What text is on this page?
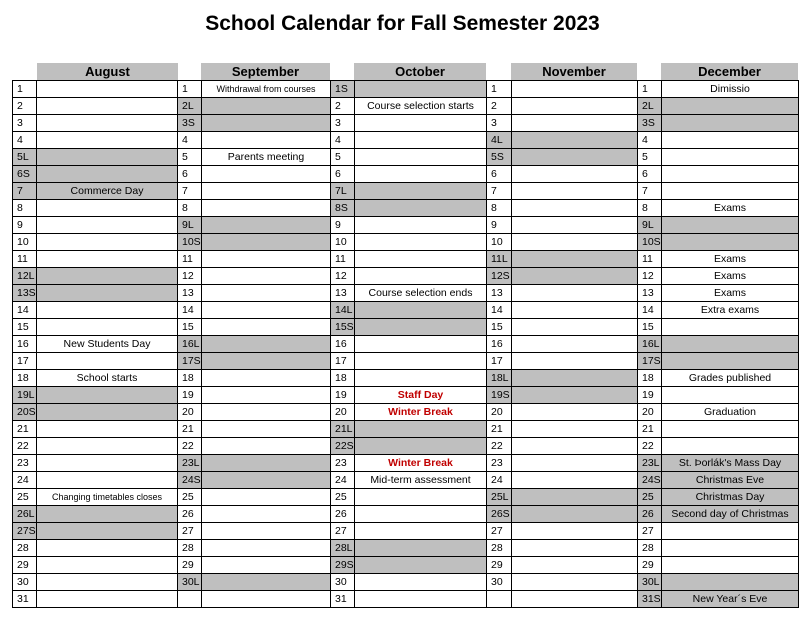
School Calendar for Fall Semester 2023
August	September	October	November	December
1		1	Withdrawal from courses	1S		1		1	Dimissio
2		2L		2	Course selection starts	2		2L	
3		3S		3		3		3S	
4		4		4		4L		4	
5L		5	Parents meeting	5		5S		5	
6S		6		6		6		6	
7	Commerce Day	7		7L		7		7	
8		8		8S		8		8	Exams
9		9L		9		9		9L	
10		10S		10		10		10S	
11		11		11		11L		11	Exams
12L		12		12		12S		12	Exams
13S		13		13	Course selection ends	13		13	Exams
14		14		14L		14		14	Extra exams
15		15		15S		15		15	
16	New Students Day	16L		16		16		16L	
17		17S		17		17		17S	
18	School starts	18		18		18L		18	Grades published
19L		19		19	Staff Day	19S		19	
20S		20		20	Winter Break	20		20	Graduation
21		21		21L		21		21	
22		22		22S		22		22	
23		23L		23	Winter Break	23		23L	St. Þorlák's Mass Day
24		24S		24	Mid-term assessment	24		24S	Christmas Eve
25	Changing timetables closes	25		25		25L		25	Christmas Day
26L		26		26		26S		26	Second day of Christmas
27S		27		27		27		27	
28		28		28L		28		28	
29		29		29S		29		29	
30		30L		30		30		30L	
31				31				31S	New Year´s Eve
